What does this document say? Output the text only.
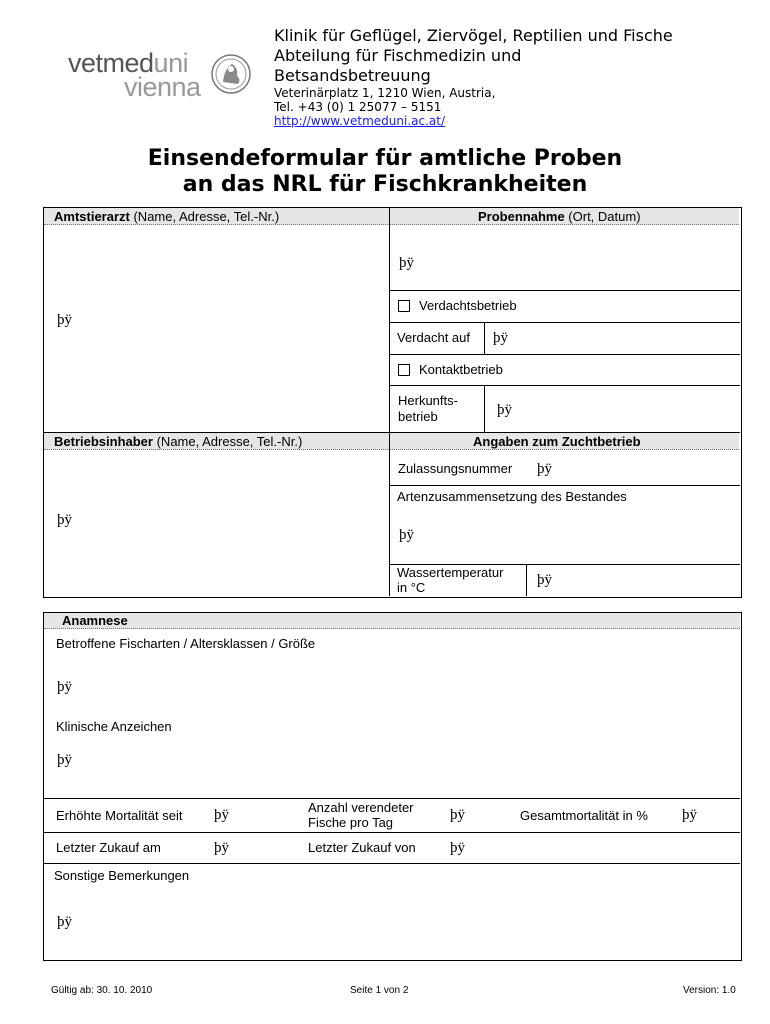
vetmeduni
vienna
Klinik für Geflügel, Ziervögel, Reptilien und Fische
Abteilung für Fischmedizin und
Betsandsbetreuung
Veterinärplatz 1, 1210 Wien, Austria,
Tel. +43 (0) 1 25077 – 5151
http://www.vetmeduni.ac.at/
Einsendeformular für amtliche Proben
an das NRL für Fischkrankheiten
Amtstierarzt (Name, Adresse, Tel.-Nr.)
þÿ
Betriebsinhaber (Name, Adresse, Tel.-Nr.)
þÿ
Probennahme (Ort, Datum)
þÿ
Verdachtsbetrieb
Verdacht auf þÿ
Kontaktbetrieb
Herkunfts-
betrieb	þÿ
Angaben zum Zuchtbetrieb
Zulassungsnummer þÿ
Artenzusammensetzung des Bestandes
þÿ
Wassertemperatur
in °C	þÿ
Anamnese
Betroffene Fischarten / Altersklassen / Größe
þÿ
Klinische Anzeichen
þÿ
Erhöhte Mortalität seit þÿ	Anzahl verendeter
Fische pro Tag	þÿ	Gesamtmortalität in % þÿ
Letzter Zukauf am	þÿ	Letzter Zukauf von þÿ
Sonstige Bemerkungen
þÿ
Gültig ab: 30. 10. 2010	Seite 1 von 2	Version: 1.0
